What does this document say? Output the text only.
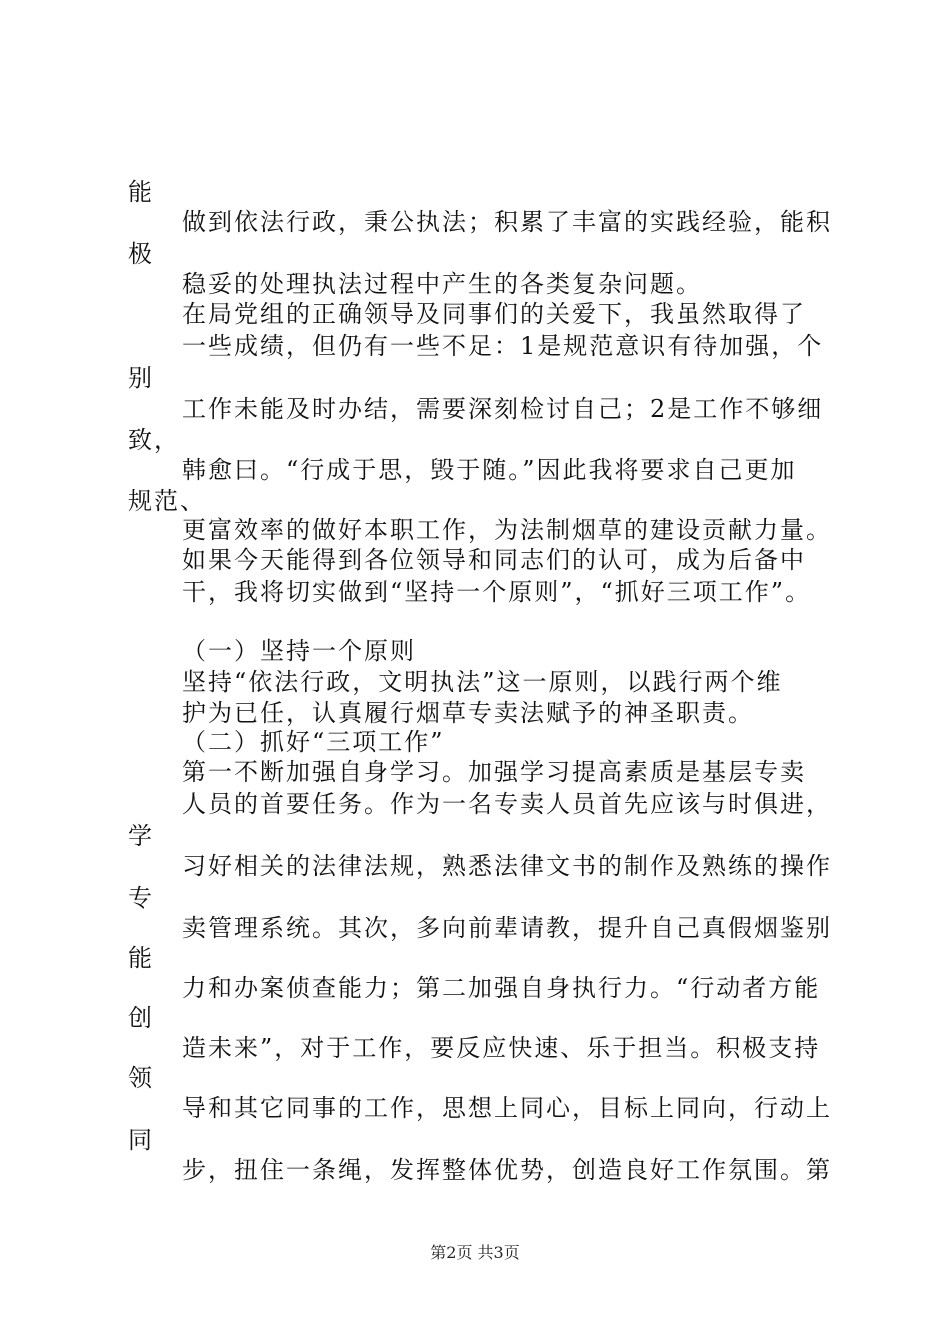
能
做到依法行政，秉公执法；积累了丰富的实践经验，能积
极
稳妥的处理执法过程中产生的各类复杂问题。
在局党组的正确领导及同事们的关爱下，我虽然取得了
一些成绩，但仍有一些不足：1是规范意识有待加强，个
别
工作未能及时办结，需要深刻检讨自己；2是工作不够细
致，
韩愈曰。“行成于思，毁于随。”因此我将要求自己更加
规范、
更富效率的做好本职工作，为法制烟草的建设贡献力量。
如果今天能得到各位领导和同志们的认可，成为后备中
干，我将切实做到“坚持一个原则”，“抓好三项工作”。
（一）坚持一个原则
坚持“依法行政，文明执法”这一原则，以践行两个维
护为已任，认真履行烟草专卖法赋予的神圣职责。
（二）抓好“三项工作”
第一不断加强自身学习。加强学习提高素质是基层专卖
人员的首要任务。作为一名专卖人员首先应该与时俱进，
学
习好相关的法律法规，熟悉法律文书的制作及熟练的操作
专
卖管理系统。其次，多向前辈请教，提升自己真假烟鉴别
能
力和办案侦查能力；第二加强自身执行力。“行动者方能
创
造未来”，对于工作，要反应快速、乐于担当。积极支持
领
导和其它同事的工作，思想上同心，目标上同向，行动上
同
步，扭住一条绳，发挥整体优势，创造良好工作氛围。第
第2页 共3页
